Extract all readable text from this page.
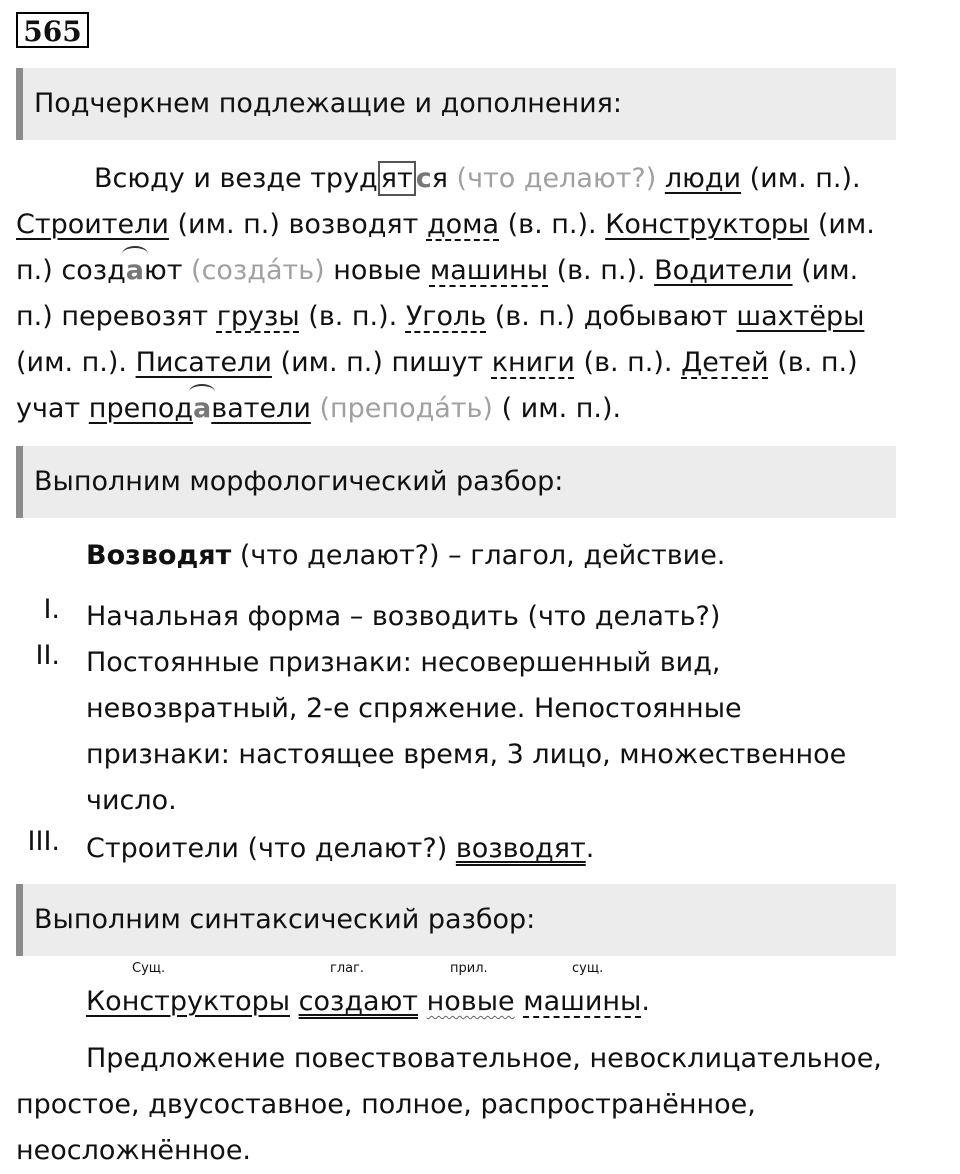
565
Подчеркнем подлежащие и дополнения:
Всюду и везде труд ят ся (что делают?) люди (им. п.).
Строители (им. п.) возводят дома (в. п.). Конструкторы (им.
п.) создают (созда́ть) новые машины (в. п.). Водители (им.
п.) перевозят грузы (в. п.). Уголь (в. п.) добывают шахтёры
(им. п.). Писатели (им. п.) пишут книги (в. п.). Детей (в. п.)
учат преподаватели (препода́ть) ( им. п.).
Выполним морфологический разбор:
Возводят (что делают?) – глагол, действие.
I. Начальная форма – возводить (что делать?)
II. Постоянные признаки: несовершенный вид,
невозвратный, 2-е спряжение. Непостоянные
признаки: настоящее время, 3 лицо, множественное
число.
III. Строители (что делают?) возводят.
Выполним синтаксический разбор:
Сущ.	глаг.	прил.	сущ.
Конструкторы создают новые машины.
Предложение повествовательное, невосклицательное,
простое, двусоставное, полное, распространённое,
неосложнённое.
